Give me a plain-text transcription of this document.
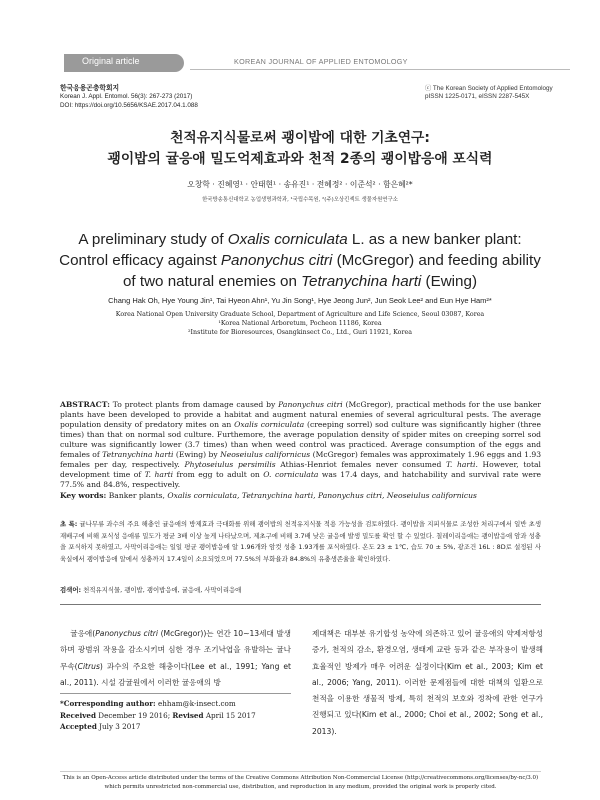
Original article	KOREAN JOURNAL OF APPLIED ENTOMOLOGY
한국응용곤충학회지
Korean J. Appl. Entomol. 56(3): 267-273 (2017)
DOI: https://doi.org/10.5656/KSAE.2017.04.1.088
ⓒ The Korean Society of Applied Entomology
pISSN 1225-0171, eISSN 2287-545X
천적유지식물로써 괭이밥에 대한 기초연구:
괭이밥의 귤응애 밀도억제효과와 천적 2종의 괭이밥응애 포식력
오창학 · 진혜영¹ · 안태현¹ · 송유진¹ · 전혜정² · 이준석² · 함은혜²*
한국방송통신대학교 농업생명과학과, ¹국립수목원, ²(주)오상킨섹트 생물자원연구소
A preliminary study of Oxalis corniculata L. as a new banker plant:
Control efficacy against Panonychus citri (McGregor) and feeding ability
of two natural enemies on Tetranychina harti (Ewing)
Chang Hak Oh, Hye Young Jin¹, Tai Hyeon Ahn¹, Yu Jin Song¹, Hye Jeong Jun², Jun Seok Lee² and Eun Hye Ham²*
Korea National Open University Graduate School, Department of Agriculture and Life Science, Seoul 03087, Korea
¹Korea National Arboretum, Pocheon 11186, Korea
²Institute for Bioresources, Osangkinsect Co., Ltd., Guri 11921, Korea
ABSTRACT: To protect plants from damage caused by Panonychus citri (McGregor), practical methods for the use banker plants have been developed to provide a habitat and augment natural enemies of several agricultural pests. The average population density of predatory mites on an Oxalis corniculata (creeping sorrel) sod culture was significantly higher (three times) than that on normal sod culture. Furthemore, the average population density of spider mites on creeping sorrel sod culture was significantly lower (3.7 times) than when weed control was practiced. Average consumption of the eggs and females of Tetranychina harti (Ewing) by Neoseiulus californicus (McGregor) females was approximately 1.96 eggs and 1.93 females per day, respectively. Phytoseiulus persimilis Athias-Henriot females never consumed T. harti. However, total development time of T. harti from egg to adult on O. corniculata was 17.4 days, and hatchability and survival rate were 77.5% and 84.8%, respectively.
Key words: Banker plants, Oxalis corniculata, Tetranychina harti, Panonychus citri, Neoseiulus californicus
초 록: 귤나무류 과수의 주요 해충인 귤응애의 방제효과 극대화를 위해 괭이밥의 천적유지식물 적용 가능성을 검토하였다. 괭이밥을 지피식물로 조성한 처리구에서 일반 초생재배구에 비해 포식성 응애류 밀도가 평균 3배 이상 높게 나타났으며, 제초구에 비해 3.7배 낮은 귤응애 발생 밀도를 확인 할 수 있었다. 칠레이리응애는 괭이밥응애 암과 성충을 포식하지 못하였고, 사막이리응애는 일일 평균 괭이밥응애 알 1.96개와 암컷 성충 1.93개를 포식하였다. 온도 23 ± 1℃, 습도 70 ± 5%, 광조건 16L : 8D로 설정된 사육실에서 괭이밥응애 알에서 성충까지 17.4일이 소요되었으며 77.5%의 부화율과 84.8%의 유충생존율을 확인하였다.
검색어: 천적유지식물, 괭이밥, 괭이밥응애, 귤응애, 사막이리응애
귤응애(Panonychus citri (McGregor))는 연간 10~13세대 발생하며 광범위 작용을 감소시키며 심한 경우 조기낙엽을 유발하는 귤나무속(Citrus) 과수의 주요한 해충이다(Lee et al., 1991; Yang et al., 2011). 시설 감귤원에서 이러한 귤응애의 방
*Corresponding author: ehham@k-insect.com
Received December 19 2016; Revised April 15 2017
Accepted July 3 2017
제대책은 대부분 유기합성 농약에 의존하고 있어 귤응애의 약제저항성 증가, 천적의 감소, 환경오염, 생태계 교란 등과 같은 부작용이 발생해 효율적인 방제가 매우 어려운 실정이다(Kim et al., 2003; Kim et al., 2006; Yang, 2011). 이러한 문제점들에 대한 대책의 일환으로 천적을 이용한 생물적 방제, 특히 천적의 보호와 정착에 관한 연구가 진행되고 있다(Kim et al., 2000; Choi et al., 2002; Song et al., 2013).
This is an Open-Access article distributed under the terms of the Creative Commons Attribution Non-Commercial License (http://creativecommons.org/licenses/by-nc/3.0) which permits unrestricted non-commercial use, distribution, and reproduction in any medium, provided the original work is properly cited.
